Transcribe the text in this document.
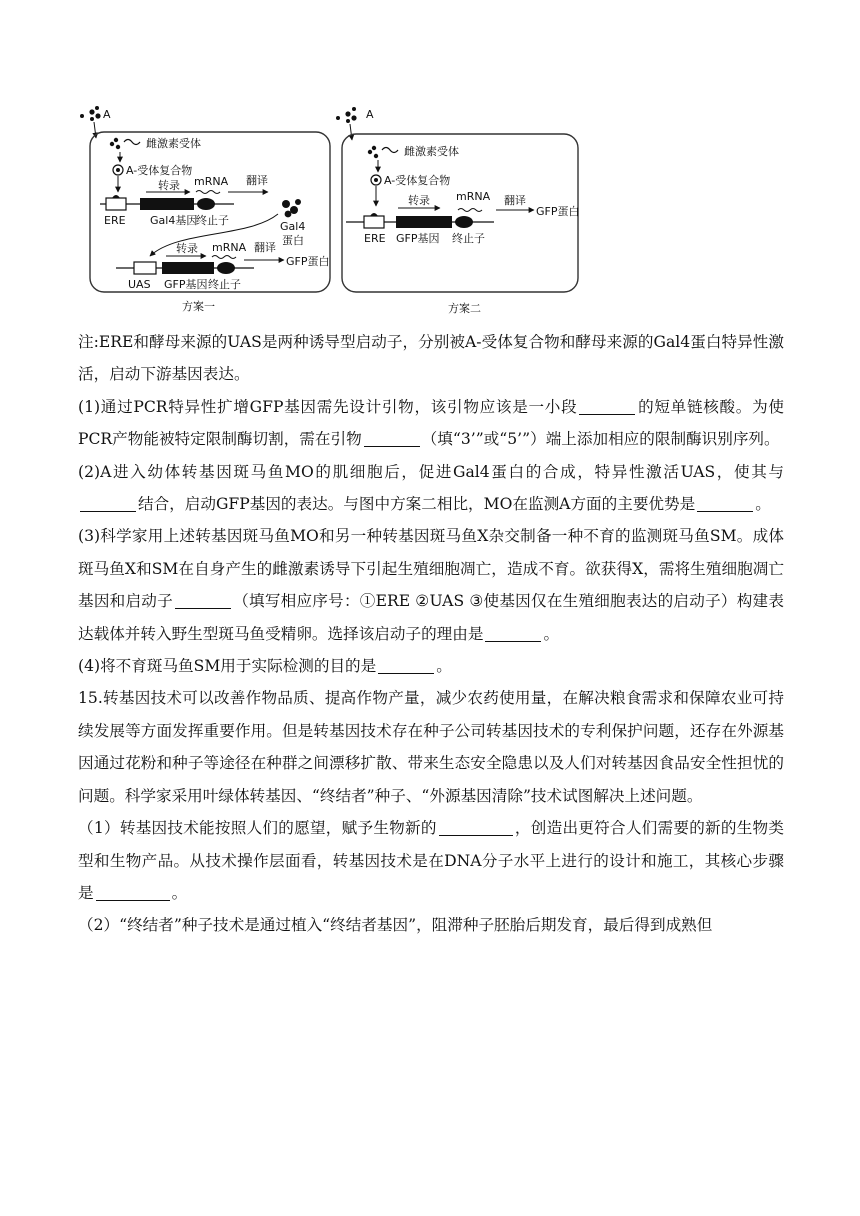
A
雌激素受体
A-受体复合物
转录 mRNA 翻译
ERE Gal4基因
终止子	Gal4
蛋白
转录 mRNA 翻译
GFP蛋白
UAS GFP基因 终止子
方案一
A
雌激素受体
A-受体复合物
转录 mRNA 翻译
GFP蛋白
ERE GFP基因 终止子
方案二

注:ERE和酵母来源的UAS是两种诱导型启动子，分别被A-受体复合物和酵母来源的Gal4蛋白特异性激活，启动下游基因表达。

(1)通过PCR特异性扩增GFP基因需先设计引物，该引物应该是一小段	的短单链核酸。为使PCR产物能被特定限制酶切割，需在引物	（填“3’”或“5’”）端上添加相应的限制酶识别序列。

(2)A进入幼体转基因斑马鱼MO的肌细胞后，促进Gal4蛋白的合成，特异性激活UAS，使其与结合，启动GFP基因的表达。与图中方案二相比，MO在监测A方面的主要优势是	。

(3)科学家用上述转基因斑马鱼MO和另一种转基因斑马鱼X杂交制备一种不育的监测斑马鱼SM。成体斑马鱼X和SM在自身产生的雌激素诱导下引起生殖细胞凋亡，造成不育。欲获得X，需将生殖细胞凋亡基因和启动子	（填写相应序号：①ERE ②UAS ③使基因仅在生殖细胞表达的启动子）构建表达载体并转入野生型斑马鱼受精卵。选择该启动子的理由是	。

(4)将不育斑马鱼SM用于实际检测的目的是	。

15.转基因技术可以改善作物品质、提高作物产量，减少农药使用量，在解决粮食需求和保障农业可持续发展等方面发挥重要作用。但是转基因技术存在种子公司转基因技术的专利保护问题，还存在外源基因通过花粉和种子等途径在种群之间漂移扩散、带来生态安全隐患以及人们对转基因食品安全性担忧的问题。科学家采用叶绿体转基因、“终结者”种子、“外源基因清除”技术试图解决上述问题。

（1）转基因技术能按照人们的愿望，赋予生物新的	，创造出更符合人们需要的新的生物类型和生物产品。从技术操作层面看，转基因技术是在DNA分子水平上进行的设计和施工，其核心步骤是	。

（2）“终结者”种子技术是通过植入“终结者基因”，阻滞种子胚胎后期发育，最后得到成熟但
